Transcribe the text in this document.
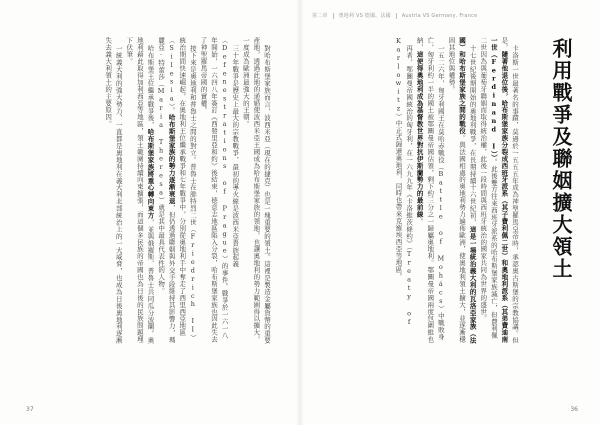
對哈布斯堡家族而言，波西米亞（現在的捷克）也是一塊重要的領土。這裡是製造金屬貨幣的重要產地，透過此地的通婚使波西米亞王國成為哈布斯堡家族的領地，也讓奧地利的勢力範圍得以擴大，一度成為歐洲最強大的王朝。

三十年戰爭是歷史上最大的宗教戰爭，最初的導火線是波西米亞貴族起義（Defenestrations of Prague）的事件。戰爭於一六一八年開始，一六四八年簽訂《西發里亞和約》後結束，德意志地區陷入分裂，哈布斯堡家族也因此失去了神聖羅馬帝國的實權。

接下來是奧地利和普魯士之間的對立。普魯士在腓特烈二世（Friedrich II）統治期間快速崛起，在奧地利王位繼承戰爭和七年戰爭中，分別從奧地利手中奪走了西里西亞地區（Silesia）。哈布斯堡家族的勢力逐漸衰退，但仍透過聯姻與外交手段維持其影響力，瑪麗亞·特蕾莎（Maria Theresa）就是其中最具代表性的人物。

哈布斯堡王位繼承戰爭後，哈布斯堡家族將重心轉向東方，並與俄羅斯、普魯士共同瓜分波蘭。奧地利藉此取得加利西亞等地區，領土範圍持續向東擴張，而這個多民族的帝國也為日後的民族問題埋下伏筆。

一統義大利的強大勢力，一直都是奧地利在義大利北部統治上的一大威脅，也成為日後奧地利逐漸失去義大利領土的主要原因。

37

卡洛斯一世最著名的事蹟，莫過於一五五五年成為神聖羅馬皇帝時，承認奧古斯堡的宗教協議。但是，隨著他退位後，哈布斯堡家族分裂成西班牙派系（其子費利佩二世）和奧地利派系（其弟費迪南一世（Ferdinand I））。此後雙方往來西班牙派系的哈布斯堡家族滅亡，但費利佩二世因為與葡萄牙聯姻而取得統治權，此後一段時間與西班牙統治的國家共同為世界的盛世。

十七世紀後期開始的奧地利戰爭，在長期持續十六世紀初，這是一場統治義大利的瓦洛亞家族（法國）和哈布斯堡家族之間的戰役。與法國相處的奧地利勢力遍佈歐洲，使奧地利領土擴大，並逐漸穩固其地位與權勢。

一五二六年，匈牙利國王在莫哈赤戰役（Battle of Mohács）中戰敗身亡，匈牙利約一半的國土被鄂圖曼帝國佔領，剩下約三分之一歸屬奧地利。鄂圖曼帝國兩度包圍維也納，這使得奧地利成為基督教世界對抗伊斯蘭勢力的最前線。

再者，鄂圖曼帝國統治的匈牙利，在一六九九年《卡洛維茨條約》（Treaty of Karlowitz）中正式歸還奧地利，同時也帶來克羅埃西亞等地區。	利用戰爭及聯姻擴大領土
36
第二章 奧地利 VS 德國、法國 Austria VS Germany, France
